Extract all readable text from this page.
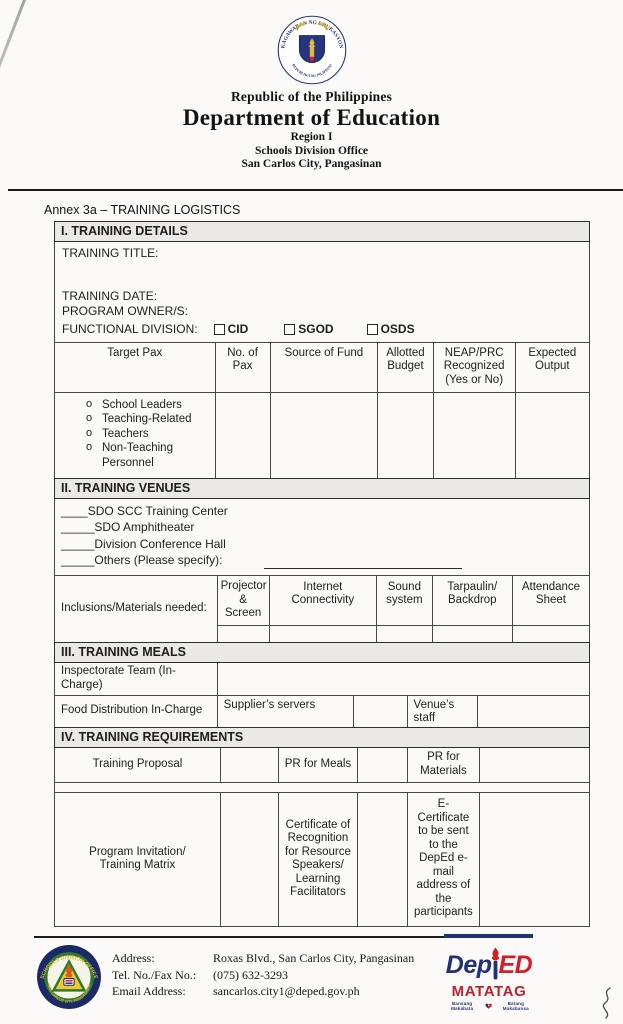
KAGAWARAN NG EDUKASYON
REPUBLIKA NG PILIPINAS
Republic of the Philippines
Department of Education
Region I
Schools Division Office
San Carlos City, Pangasinan
Annex 3a – TRAINING LOGISTICS
I. TRAINING DETAILS
TRAINING TITLE:
TRAINING DATE:
PROGRAM OWNER/S:
FUNCTIONAL DIVISION:	CID	SGOD	OSDS
Target Pax	No. of Pax	Source of Fund	Allotted Budget	NEAP/PRC Recognized (Yes or No)	Expected Output

o School Leaders
o Teaching-Related
o Teachers
o Non-Teaching Personnel

II. TRAINING VENUES
____SDO SCC Training Center
_____SDO Amphitheater
_____Division Conference Hall
_____Others (Please specify):
Inclusions/Materials needed:	Projector & Screen	Internet Connectivity	Sound system	Tarpaulin/ Backdrop	Attendance Sheet

III. TRAINING MEALS
Inspectorate Team (In-Charge)	
Food Distribution In-Charge	Supplier’s servers		Venue’s staff	
IV. TRAINING REQUIREMENTS
Training Proposal		PR for Meals		PR for Materials	
Program Invitation/ Training Matrix		Certificate of Recognition for Resource Speakers/ Learning Facilitators		E-Certificate to be sent to the DepEd e-mail address of the participants	
SCHOOLS DIVISION OFFICE
SAN CARLOS CITY, PANGASINAN
Address:	Roxas Blvd., San Carlos City, Pangasinan
Tel. No./Fax No.:	(075) 632-3293
Email Address:	sancarlos.city1@deped.gov.ph
Dep ED
MATATAG
Bansang Makabata
Batang Makabansa
